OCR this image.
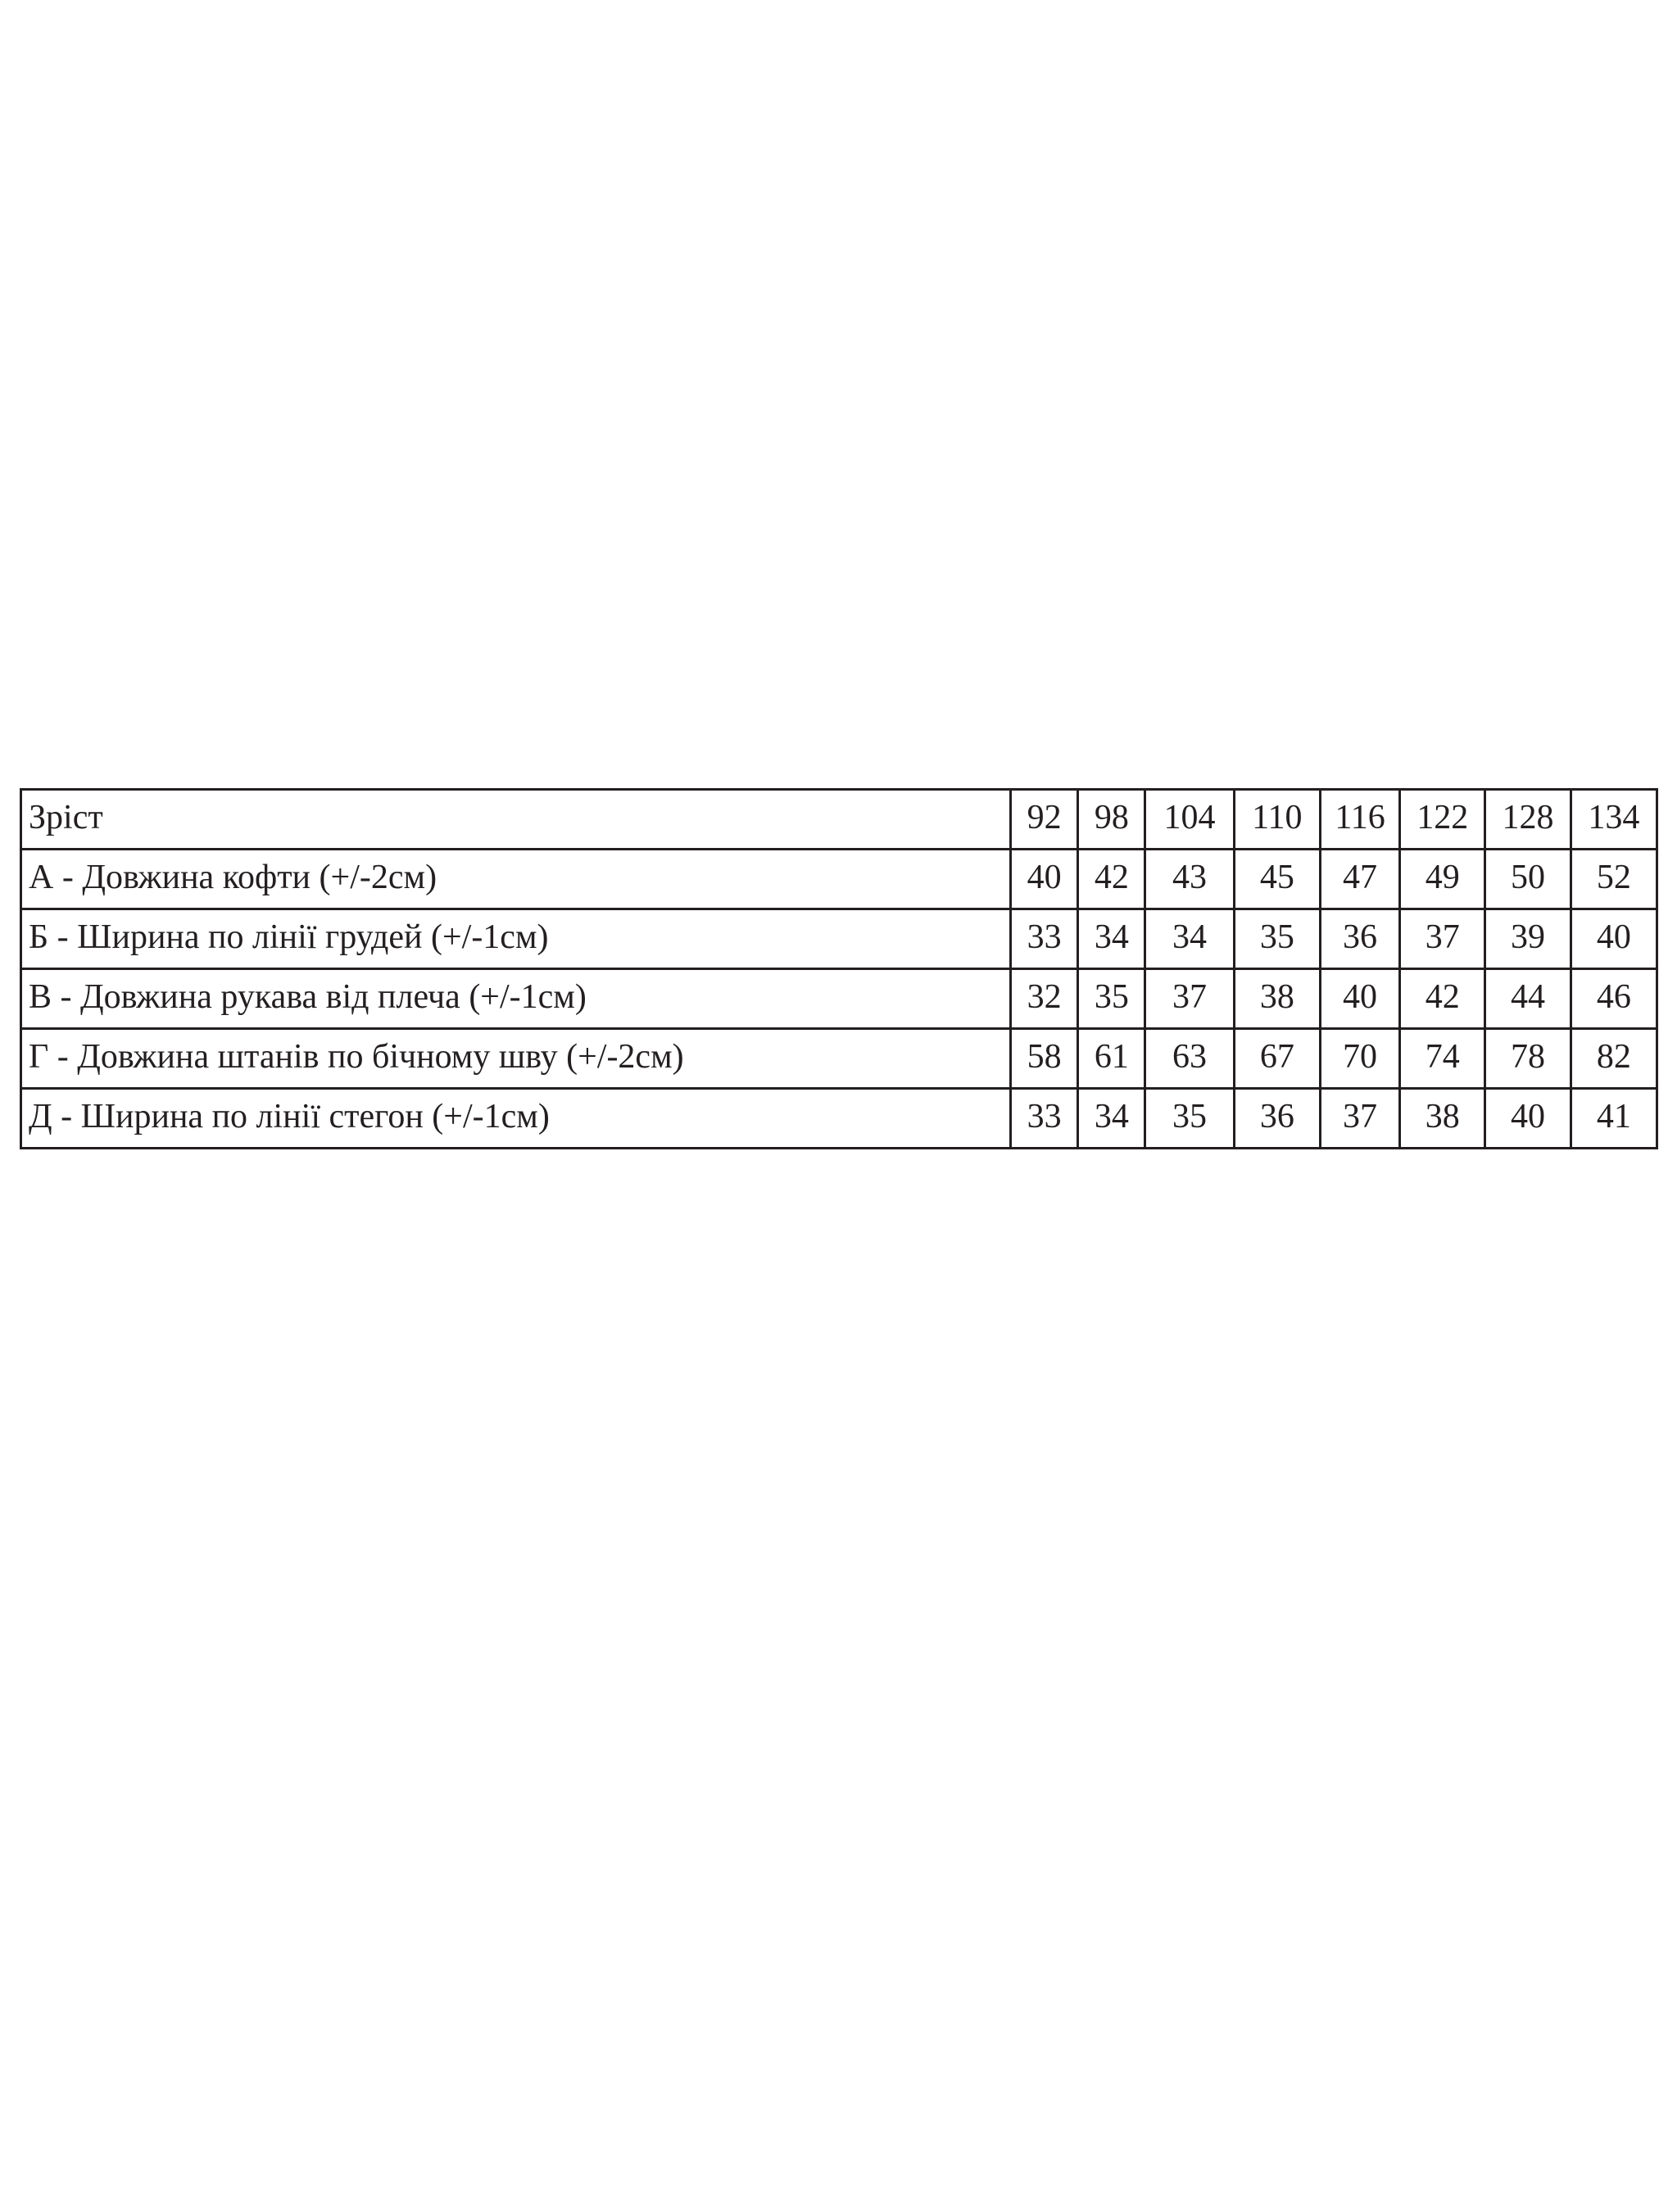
Зріст	92	98	104	110	116	122	128	134
А - Довжина кофти (+/-2см)	40	42	43	45	47	49	50	52
Б - Ширина по лінії грудей (+/-1см)	33	34	34	35	36	37	39	40
В - Довжина рукава від плеча (+/-1см)	32	35	37	38	40	42	44	46
Г - Довжина штанів по бічному шву (+/-2см)	58	61	63	67	70	74	78	82
Д - Ширина по лінії стегон (+/-1см)	33	34	35	36	37	38	40	41
